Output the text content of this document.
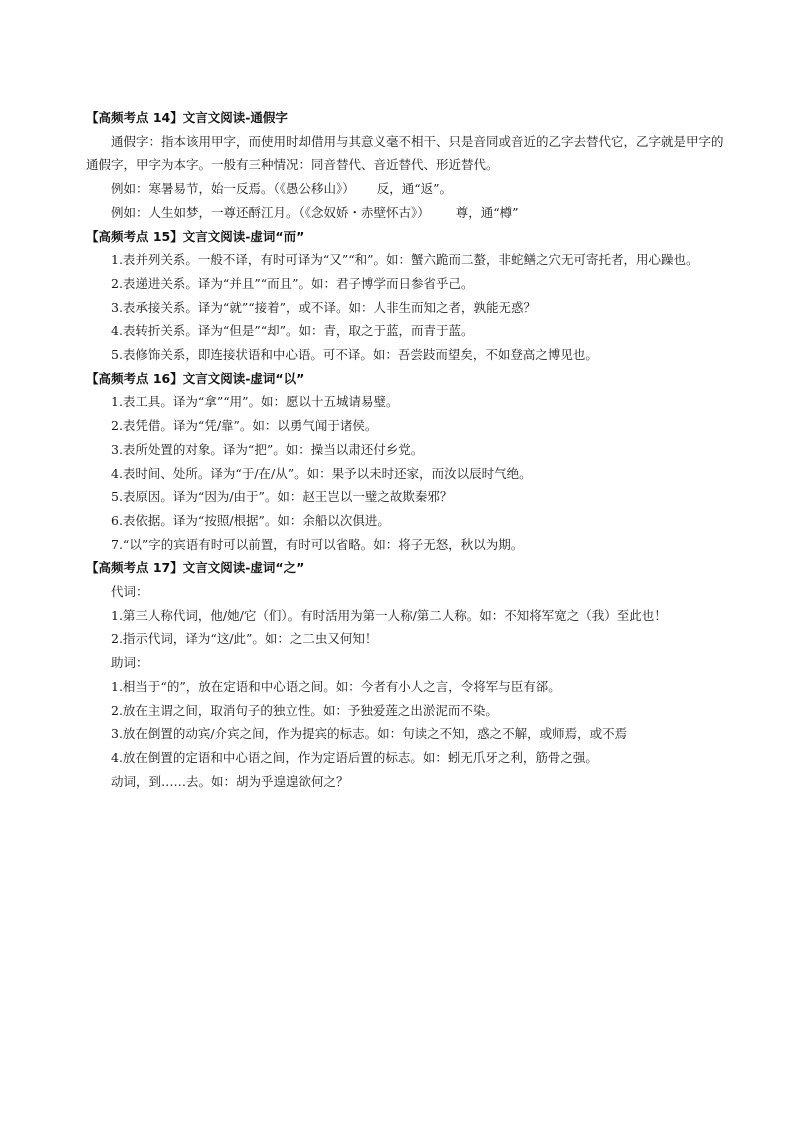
【高频考点 14】文言文阅读-通假字
通假字：指本该用甲字，而使用时却借用与其意义毫不相干、只是音同或音近的乙字去替代它，乙字就是甲字的通假字，甲字为本字。一般有三种情况：同音替代、音近替代、形近替代。
例如：寒暑易节，始一反焉。（《愚公移山》） 反，通“返”。
例如：人生如梦，一尊还酹江月。（《念奴娇・赤壁怀古》） 尊，通“樽”
【高频考点 15】文言文阅读-虚词“而”
1.表并列关系。一般不译，有时可译为“又”“和”。如：蟹六跪而二螯，非蛇鳝之穴无可寄托者，用心躁也。
2.表递进关系。译为“并且”“而且”。如：君子博学而日参省乎己。
3.表承接关系。译为“就”“接着”，或不译。如：人非生而知之者，孰能无惑？
4.表转折关系。译为“但是”“却”。如：青，取之于蓝，而青于蓝。
5.表修饰关系，即连接状语和中心语。可不译。如：吾尝跂而望矣，不如登高之博见也。
【高频考点 16】文言文阅读-虚词“以”
1.表工具。译为“拿”“用”。如：愿以十五城请易璧。
2.表凭借。译为“凭/靠”。如：以勇气闻于诸侯。
3.表所处置的对象。译为“把”。如：操当以肃还付乡党。
4.表时间、处所。译为“于/在/从”。如：果予以未时还家，而汝以辰时气绝。
5.表原因。译为“因为/由于”。如：赵王岂以一璧之故欺秦邪？
6.表依据。译为“按照/根据”。如：余船以次俱进。
7.“以”字的宾语有时可以前置，有时可以省略。如：将子无怒，秋以为期。
【高频考点 17】文言文阅读-虚词“之”
代词：
1.第三人称代词，他/她/它（们）。有时活用为第一人称/第二人称。如：不知将军宽之（我）至此也！
2.指示代词，译为“这/此”。如：之二虫又何知！
助词：
1.相当于“的”，放在定语和中心语之间。如：今者有小人之言，令将军与臣有郤。
2.放在主谓之间，取消句子的独立性。如：予独爱莲之出淤泥而不染。
3.放在倒置的动宾/介宾之间，作为提宾的标志。如：句读之不知，惑之不解，或师焉，或不焉
4.放在倒置的定语和中心语之间，作为定语后置的标志。如：蚓无爪牙之利，筋骨之强。
动词，到……去。如：胡为乎遑遑欲何之？
